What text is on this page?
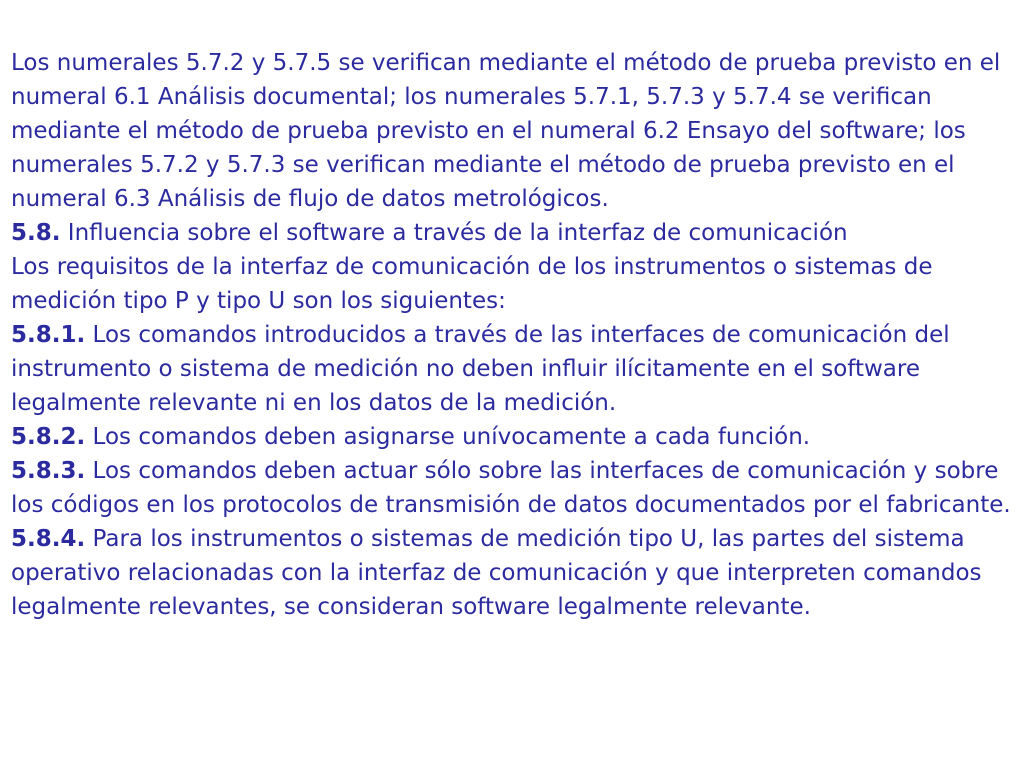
Los numerales 5.7.2 y 5.7.5 se verifican mediante el método de prueba previsto en el numeral 6.1 Análisis documental; los numerales 5.7.1, 5.7.3 y 5.7.4 se verifican mediante el método de prueba previsto en el numeral 6.2 Ensayo del software; los numerales 5.7.2 y 5.7.3 se verifican mediante el método de prueba previsto en el numeral 6.3 Análisis de flujo de datos metrológicos.

5.8. Influencia sobre el software a través de la interfaz de comunicación

Los requisitos de la interfaz de comunicación de los instrumentos o sistemas de medición tipo P y tipo U son los siguientes:

5.8.1. Los comandos introducidos a través de las interfaces de comunicación del instrumento o sistema de medición no deben influir ilícitamente en el software legalmente relevante ni en los datos de la medición.

5.8.2. Los comandos deben asignarse unívocamente a cada función.

5.8.3. Los comandos deben actuar sólo sobre las interfaces de comunicación y sobre los códigos en los protocolos de transmisión de datos documentados por el fabricante.

5.8.4. Para los instrumentos o sistemas de medición tipo U, las partes del sistema operativo relacionadas con la interfaz de comunicación y que interpreten comandos legalmente relevantes, se consideran software legalmente relevante.
